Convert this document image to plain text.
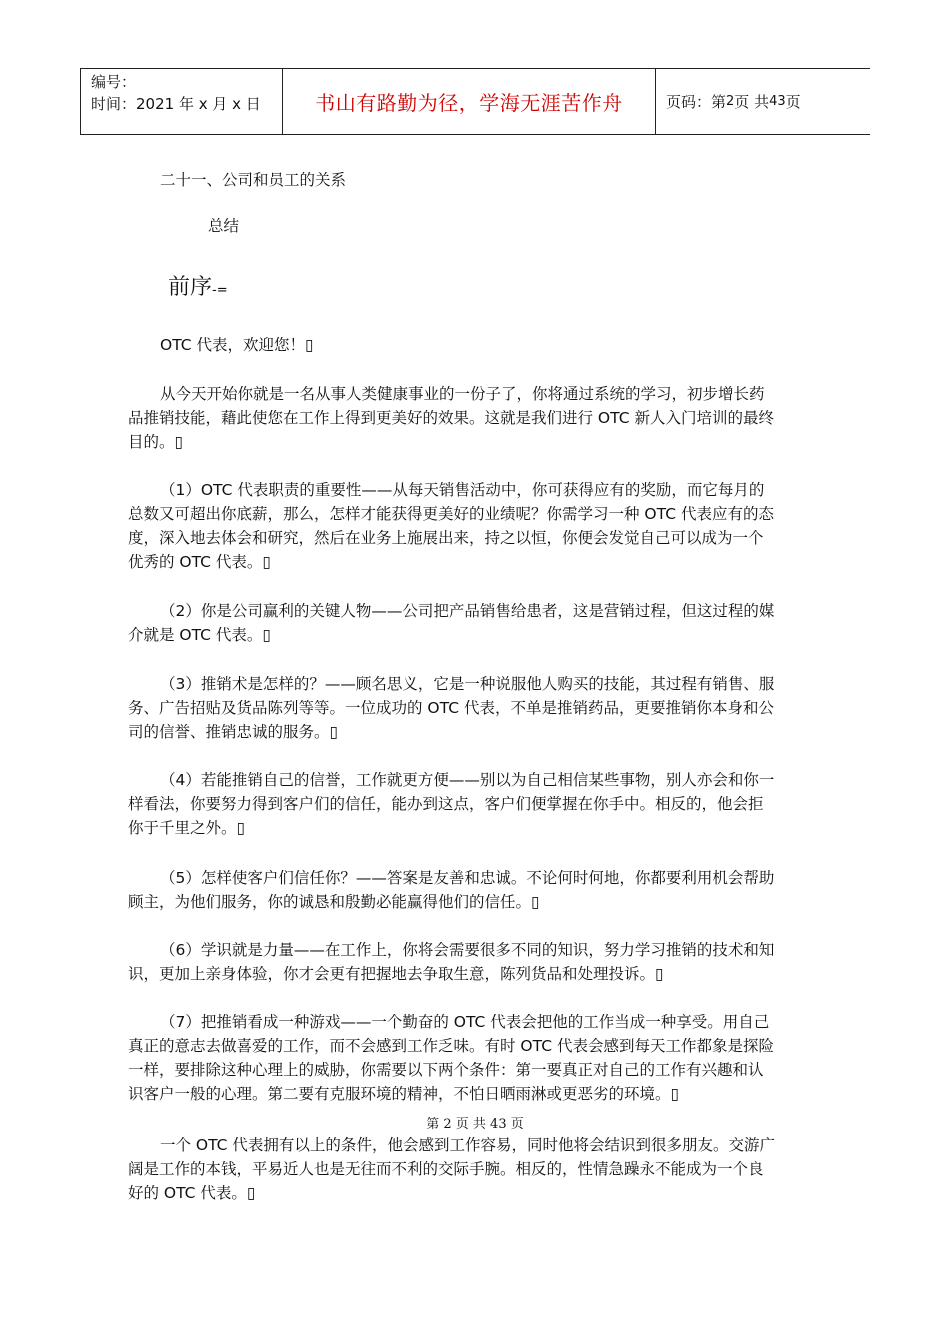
编号：
时间：2021 年 x 月 x 日	书山有路勤为径，学海无涯苦作舟	页码：第 2 页 共 43 页
二十一、公司和员工的关系
总结
前序-=
OTC 代表，欢迎您！▯
从今天开始你就是一名从事人类健康事业的一份子了，你将通过系统的学习，初步增长药
品推销技能，藉此使您在工作上得到更美好的效果。这就是我们进行 OTC 新人入门培训的最终
目的。▯
（1）OTC 代表职责的重要性——从每天销售活动中，你可获得应有的奖励，而它每月的
总数又可超出你底薪，那么，怎样才能获得更美好的业绩呢？你需学习一种 OTC 代表应有的态
度，深入地去体会和研究，然后在业务上施展出来，持之以恒，你便会发觉自己可以成为一个
优秀的 OTC 代表。▯
（2）你是公司赢利的关键人物——公司把产品销售给患者，这是营销过程，但这过程的媒
介就是 OTC 代表。▯
（3）推销术是怎样的？——顾名思义，它是一种说服他人购买的技能，其过程有销售、服
务、广告招贴及货品陈列等等。一位成功的 OTC 代表，不单是推销药品，更要推销你本身和公
司的信誉、推销忠诚的服务。▯
（4）若能推销自己的信誉，工作就更方便——别以为自己相信某些事物，别人亦会和你一
样看法，你要努力得到客户们的信任，能办到这点，客户们便掌握在你手中。相反的，他会拒
你于千里之外。▯
（5）怎样使客户们信任你？——答案是友善和忠诚。不论何时何地，你都要利用机会帮助
顾主，为他们服务，你的诚恳和殷勤必能赢得他们的信任。▯
（6）学识就是力量——在工作上，你将会需要很多不同的知识，努力学习推销的技术和知
识，更加上亲身体验，你才会更有把握地去争取生意，陈列货品和处理投诉。▯
（7）把推销看成一种游戏——一个勤奋的 OTC 代表会把他的工作当成一种享受。用自己
真正的意志去做喜爱的工作，而不会感到工作乏味。有时 OTC 代表会感到每天工作都象是探险
一样，要排除这种心理上的威胁，你需要以下两个条件：第一要真正对自己的工作有兴趣和认
识客户一般的心理。第二要有克服环境的精神，不怕日晒雨淋或更恶劣的环境。▯
第 2 页 共 43 页
一个 OTC 代表拥有以上的条件，他会感到工作容易，同时他将会结识到很多朋友。交游广
阔是工作的本钱，平易近人也是无往而不利的交际手腕。相反的，性情急躁永不能成为一个良
好的 OTC 代表。▯
